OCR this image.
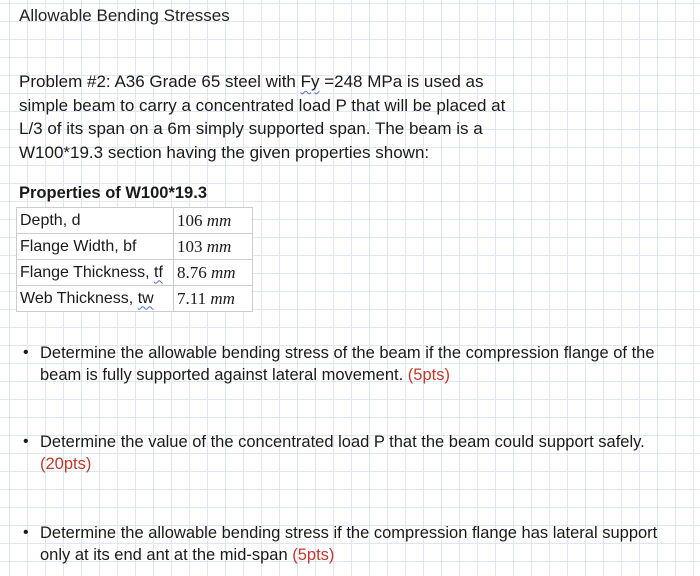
Allowable Bending Stresses
Problem #2: A36 Grade 65 steel with Fy =248 MPa is used as
simple beam to carry a concentrated load P that will be placed at
L/3 of its span on a 6m simply supported span. The beam is a
W100*19.3 section having the given properties shown:
Properties of W100*19.3
Depth, d	106 mm
Flange Width, bf	103 mm
Flange Thickness, tf	8.76 mm
Web Thickness, tw	7.11 mm
• Determine the allowable bending stress of the beam if the compression flange of the
beam is fully supported against lateral movement. (5pts)
• Determine the value of the concentrated load P that the beam could support safely.
(20pts)
• Determine the allowable bending stress if the compression flange has lateral support
only at its end ant at the mid-span (5pts)
